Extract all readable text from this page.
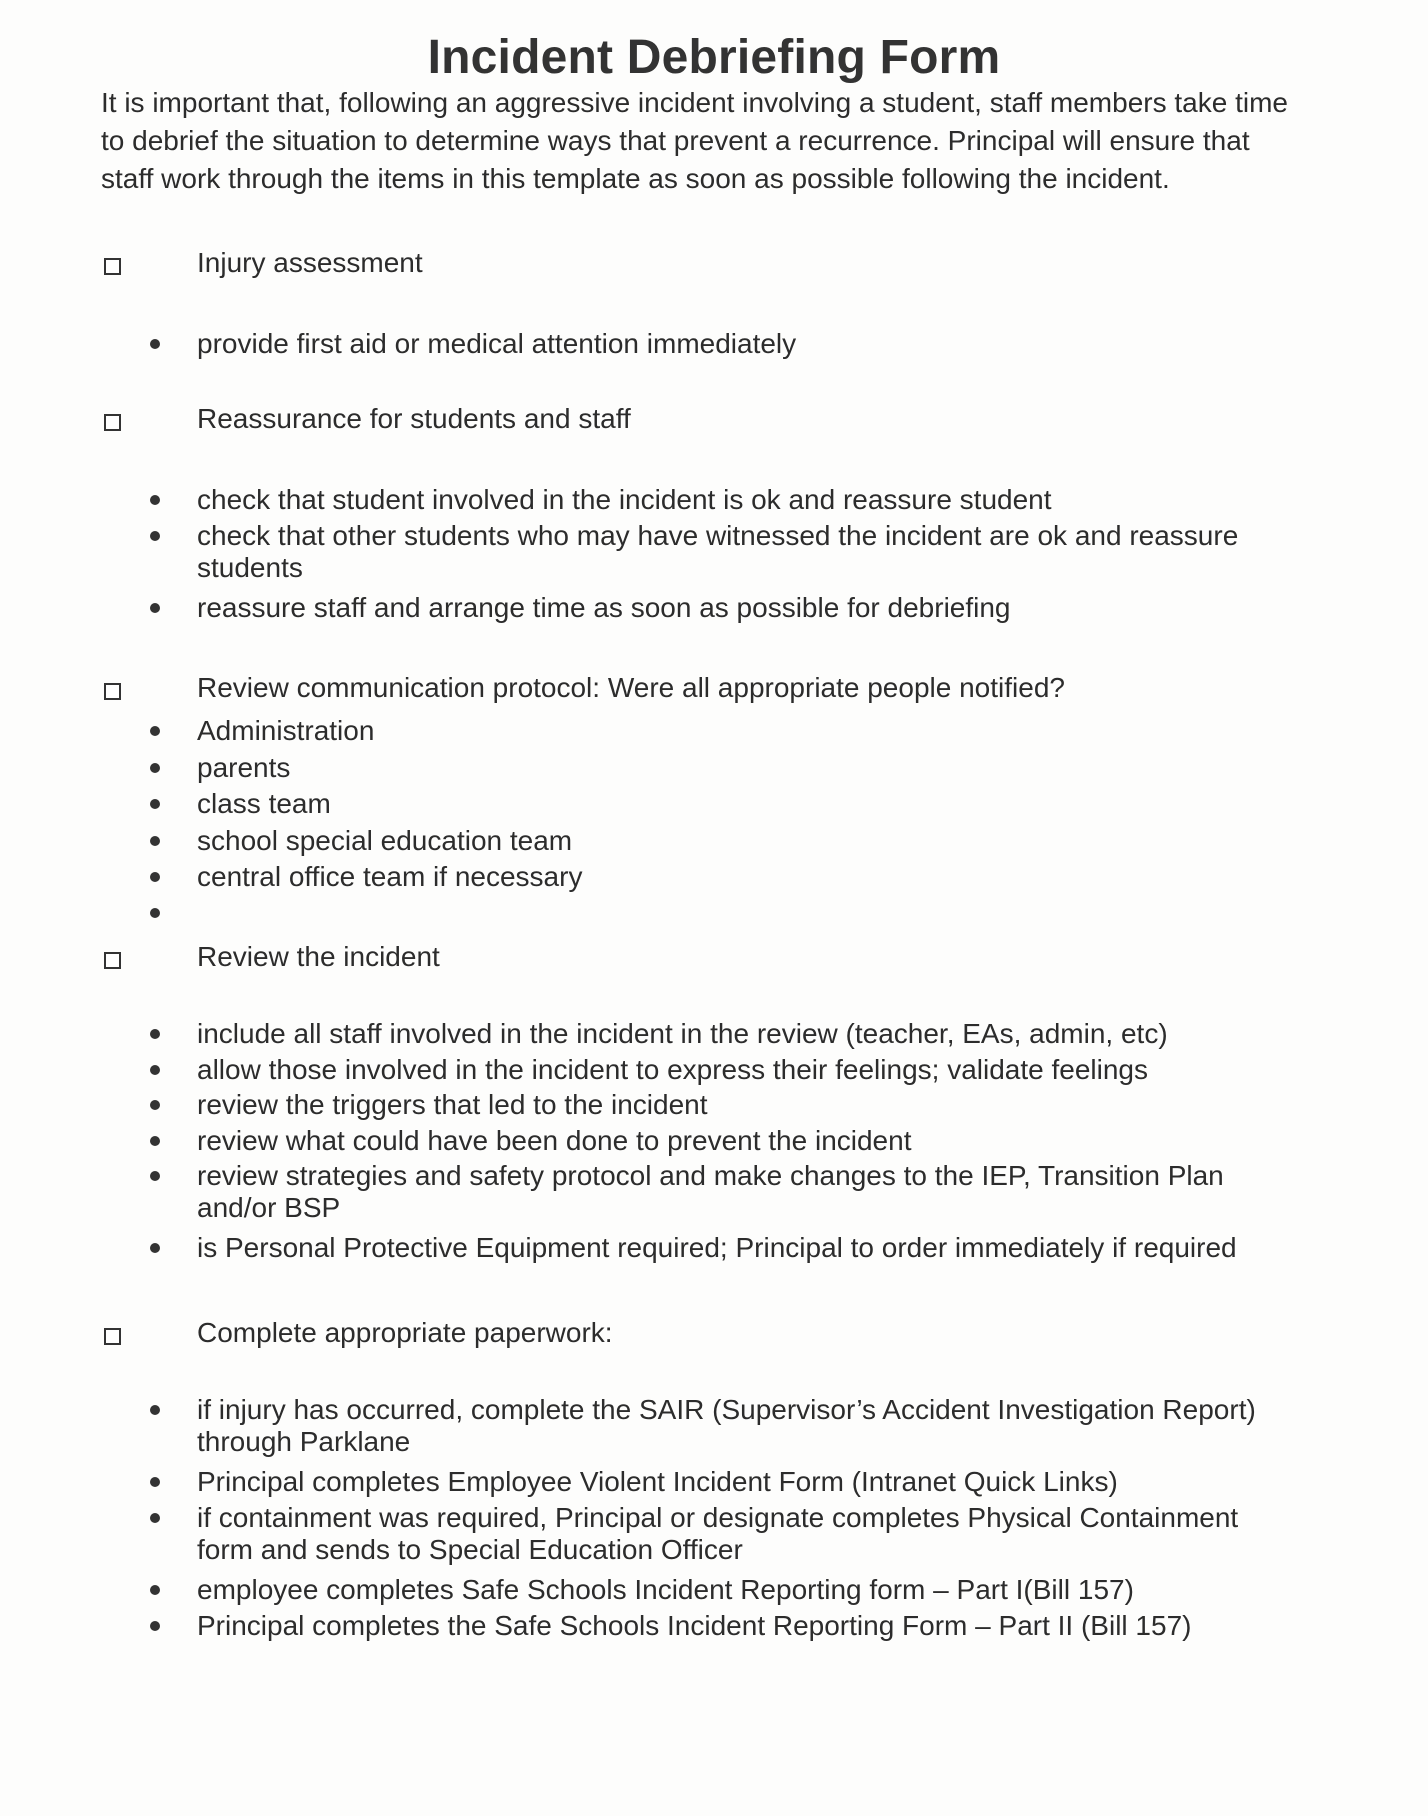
Incident Debriefing Form

It is important that, following an aggressive incident involving a student, staff members take time

to debrief the situation to determine ways that prevent a recurrence. Principal will ensure that

staff work through the items in this template as soon as possible following the incident.

Injury assessment
provide first aid or medical attention immediately
Reassurance for students and staff
check that student involved in the incident is ok and reassure student
check that other students who may have witnessed the incident are ok and reassure
students
reassure staff and arrange time as soon as possible for debriefing
Review communication protocol: Were all appropriate people notified?
Administration
parents
class team
school special education team
central office team if necessary
Review the incident
include all staff involved in the incident in the review (teacher, EAs, admin, etc)
allow those involved in the incident to express their feelings; validate feelings
review the triggers that led to the incident
review what could have been done to prevent the incident
review strategies and safety protocol and make changes to the IEP, Transition Plan
and/or BSP
is Personal Protective Equipment required; Principal to order immediately if required
Complete appropriate paperwork:
if injury has occurred, complete the SAIR (Supervisor’s Accident Investigation Report)
through Parklane
Principal completes Employee Violent Incident Form (Intranet Quick Links)
if containment was required, Principal or designate completes Physical Containment
form and sends to Special Education Officer
employee completes Safe Schools Incident Reporting form – Part I(Bill 157)
Principal completes the Safe Schools Incident Reporting Form – Part II (Bill 157)
